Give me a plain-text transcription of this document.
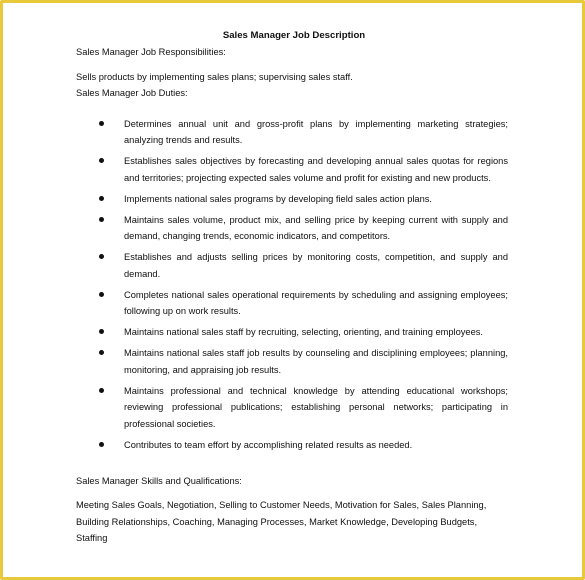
Sales Manager Job Description

Sales Manager Job Responsibilities:

Sells products by implementing sales plans; supervising sales staff.

Sales Manager Job Duties:

Determines annual unit and gross-profit plans by implementing marketing strategies; analyzing trends and results.
Establishes sales objectives by forecasting and developing annual sales quotas for regions and territories; projecting expected sales volume and profit for existing and new products.
Implements national sales programs by developing field sales action plans.
Maintains sales volume, product mix, and selling price by keeping current with supply and demand, changing trends, economic indicators, and competitors.
Establishes and adjusts selling prices by monitoring costs, competition, and supply and demand.
Completes national sales operational requirements by scheduling and assigning employees; following up on work results.
Maintains national sales staff by recruiting, selecting, orienting, and training employees.
Maintains national sales staff job results by counseling and disciplining employees; planning, monitoring, and appraising job results.
Maintains professional and technical knowledge by attending educational workshops; reviewing professional publications; establishing personal networks; participating in professional societies.
Contributes to team effort by accomplishing related results as needed.

Sales Manager Skills and Qualifications:

Meeting Sales Goals, Negotiation, Selling to Customer Needs, Motivation for Sales, Sales Planning, Building Relationships, Coaching, Managing Processes, Market Knowledge, Developing Budgets, Staffing
